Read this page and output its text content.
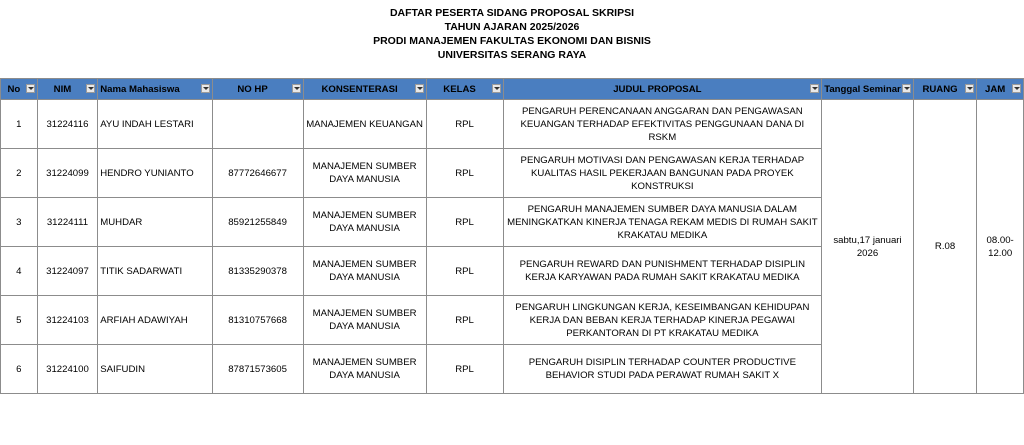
DAFTAR PESERTA SIDANG PROPOSAL SKRIPSI
TAHUN AJARAN 2025/2026
PRODI MANAJEMEN FAKULTAS EKONOMI DAN BISNIS
UNIVERSITAS SERANG RAYA
No	NIM	Nama Mahasiswa	NO HP	KONSENTERASI	KELAS	JUDUL PROPOSAL	Tanggal Seminar	RUANG	JAM

1	31224116	AYU INDAH LESTARI		MANAJEMEN KEUANGAN	RPL	PENGARUH PERENCANAAN ANGGARAN DAN PENGAWASAN KEUANGAN TERHADAP EFEKTIVITAS PENGGUNAAN DANA DI RSKM	sabtu,17 januari 2026	R.08	08.00-12.00
2	31224099	HENDRO YUNIANTO	87772646677	MANAJEMEN SUMBER DAYA MANUSIA	RPL	PENGARUH MOTIVASI DAN PENGAWASAN KERJA TERHADAP KUALITAS HASIL PEKERJAAN BANGUNAN PADA PROYEK KONSTRUKSI			
3	31224111	MUHDAR	85921255849	MANAJEMEN SUMBER DAYA MANUSIA	RPL	PENGARUH MANAJEMEN SUMBER DAYA MANUSIA DALAM MENINGKATKAN KINERJA TENAGA REKAM MEDIS DI RUMAH SAKIT KRAKATAU MEDIKA			
4	31224097	TITIK SADARWATI	81335290378	MANAJEMEN SUMBER DAYA MANUSIA	RPL	PENGARUH REWARD DAN PUNISHMENT TERHADAP DISIPLIN KERJA KARYAWAN PADA RUMAH SAKIT KRAKATAU MEDIKA			
5	31224103	ARFIAH ADAWIYAH	81310757668	MANAJEMEN SUMBER DAYA MANUSIA	RPL	PENGARUH LINGKUNGAN KERJA, KESEIMBANGAN KEHIDUPAN KERJA DAN BEBAN KERJA TERHADAP KINERJA PEGAWAI PERKANTORAN DI PT KRAKATAU MEDIKA			
6	31224100	SAIFUDIN	87871573605	MANAJEMEN SUMBER DAYA MANUSIA	RPL	PENGARUH DISIPLIN TERHADAP COUNTER PRODUCTIVE BEHAVIOR STUDI PADA PERAWAT RUMAH SAKIT X			
